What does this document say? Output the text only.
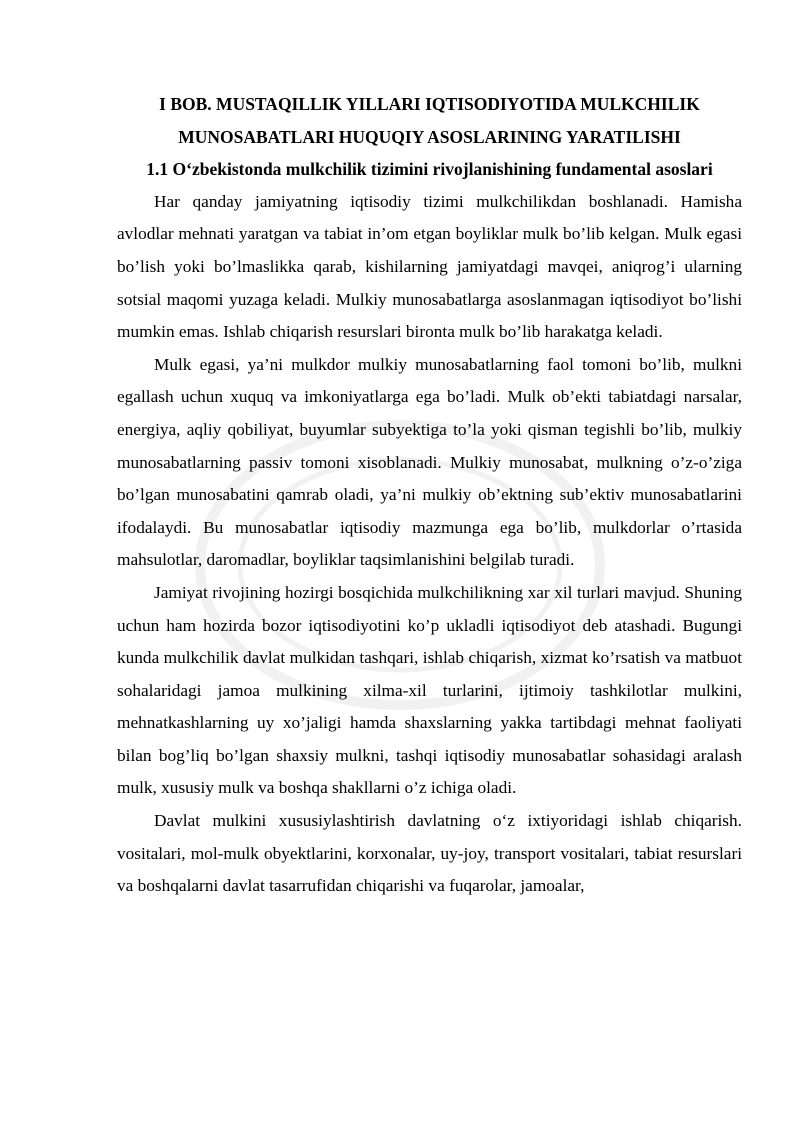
I BOB. MUSTAQILLIK YILLARI IQTISODIYOTIDA MULKCHILIK

MUNOSABATLARI HUQUQIY ASOSLARINING YARATILISHI

1.1 O‘zbekistonda mulkchilik tizimini rivojlanishining fundamental asoslari

Har qanday jamiyatning iqtisodiy tizimi mulkchilikdan boshlanadi. Hamisha avlodlar mehnati yaratgan va tabiat in’om etgan boyliklar mulk bo’lib kelgan. Mulk egasi bo’lish yoki bo’lmaslikka qarab, kishilarning jamiyatdagi mavqei, aniqrog’i ularning sotsial maqomi yuzaga keladi. Mulkiy munosabatlarga asoslanmagan iqtisodiyot bo’lishi mumkin emas. Ishlab chiqarish resurslari bironta mulk bo’lib harakatga keladi.

Mulk egasi, ya’ni mulkdor mulkiy munosabatlarning faol tomoni bo’lib, mulkni egallash uchun xuquq va imkoniyatlarga ega bo’ladi. Mulk ob’ekti tabiatdagi narsalar, energiya, aqliy qobiliyat, buyumlar subyektiga to’la yoki qisman tegishli bo’lib, mulkiy munosabatlarning passiv tomoni xisoblanadi. Mulkiy munosabat, mulkning o’z-o’ziga bo’lgan munosabatini qamrab oladi, ya’ni mulkiy ob’ektning sub’ektiv munosabatlarini ifodalaydi. Bu munosabatlar iqtisodiy mazmunga ega bo’lib, mulkdorlar o’rtasida mahsulotlar, daromadlar, boyliklar taqsimlanishini belgilab turadi.

Jamiyat rivojining hozirgi bosqichida mulkchilikning xar xil turlari mavjud. Shuning uchun ham hozirda bozor iqtisodiyotini ko’p ukladli iqtisodiyot deb atashadi. Bugungi kunda mulkchilik davlat mulkidan tashqari, ishlab chiqarish, xizmat ko’rsatish va matbuot sohalaridagi jamoa mulkining xilma-xil turlarini, ijtimoiy tashkilotlar mulkini, mehnatkashlarning uy xo’jaligi hamda shaxslarning yakka tartibdagi mehnat faoliyati bilan bog’liq bo’lgan shaxsiy mulkni, tashqi iqtisodiy munosabatlar sohasidagi aralash mulk, xususiy mulk va boshqa shakllarni o’z ichiga oladi.

Davlat mulkini xususiylashtirish davlatning o‘z ixtiyoridagi ishlab chiqarish. vositalari, mol-mulk obyektlarini, korxonalar, uy-joy, transport vositalari, tabiat resurslari va boshqalarni davlat tasarrufidan chiqarishi va fuqarolar, jamoalar,
